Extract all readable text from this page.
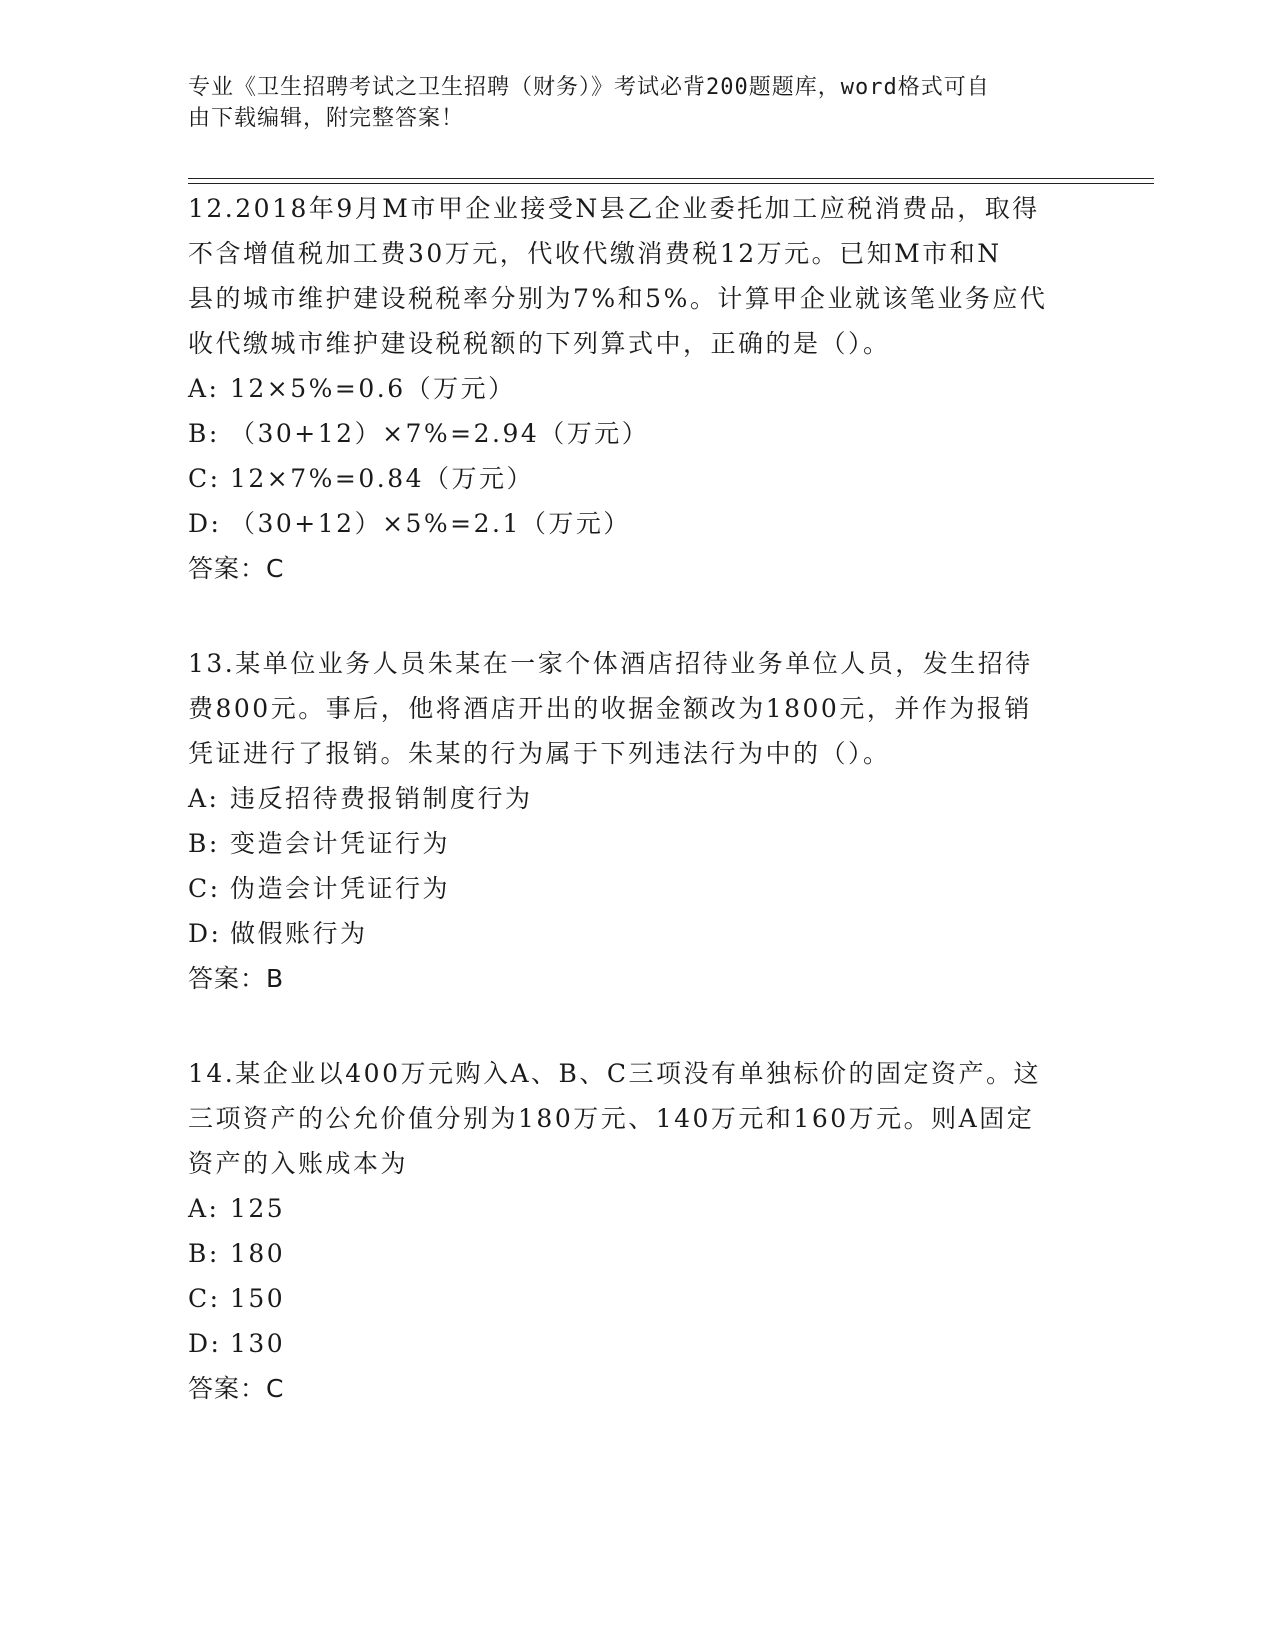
专业《卫生招聘考试之卫生招聘（财务）》考试必背200题题库，word格式可自
由下载编辑，附完整答案！

12.2018年9月M市甲企业接受N县乙企业委托加工应税消费品，取得

不含增值税加工费30万元，代收代缴消费税12万元。已知M市和N

县的城市维护建设税税率分别为7%和5%。计算甲企业就该笔业务应代

收代缴城市维护建设税税额的下列算式中，正确的是（）。

A: 12×5%=0.6（万元）

B: （30+12）×7%=2.94（万元）

C: 12×7%=0.84（万元）

D: （30+12）×5%=2.1（万元）

答案：C

13.某单位业务人员朱某在一家个体酒店招待业务单位人员，发生招待

费800元。事后，他将酒店开出的收据金额改为1800元，并作为报销

凭证进行了报销。朱某的行为属于下列违法行为中的（）。

A: 违反招待费报销制度行为

B: 变造会计凭证行为

C: 伪造会计凭证行为

D: 做假账行为

答案：B

14.某企业以400万元购入A、B、C三项没有单独标价的固定资产。这

三项资产的公允价值分别为180万元、140万元和160万元。则A固定

资产的入账成本为

A: 125

B: 180

C: 150

D: 130

答案：C
